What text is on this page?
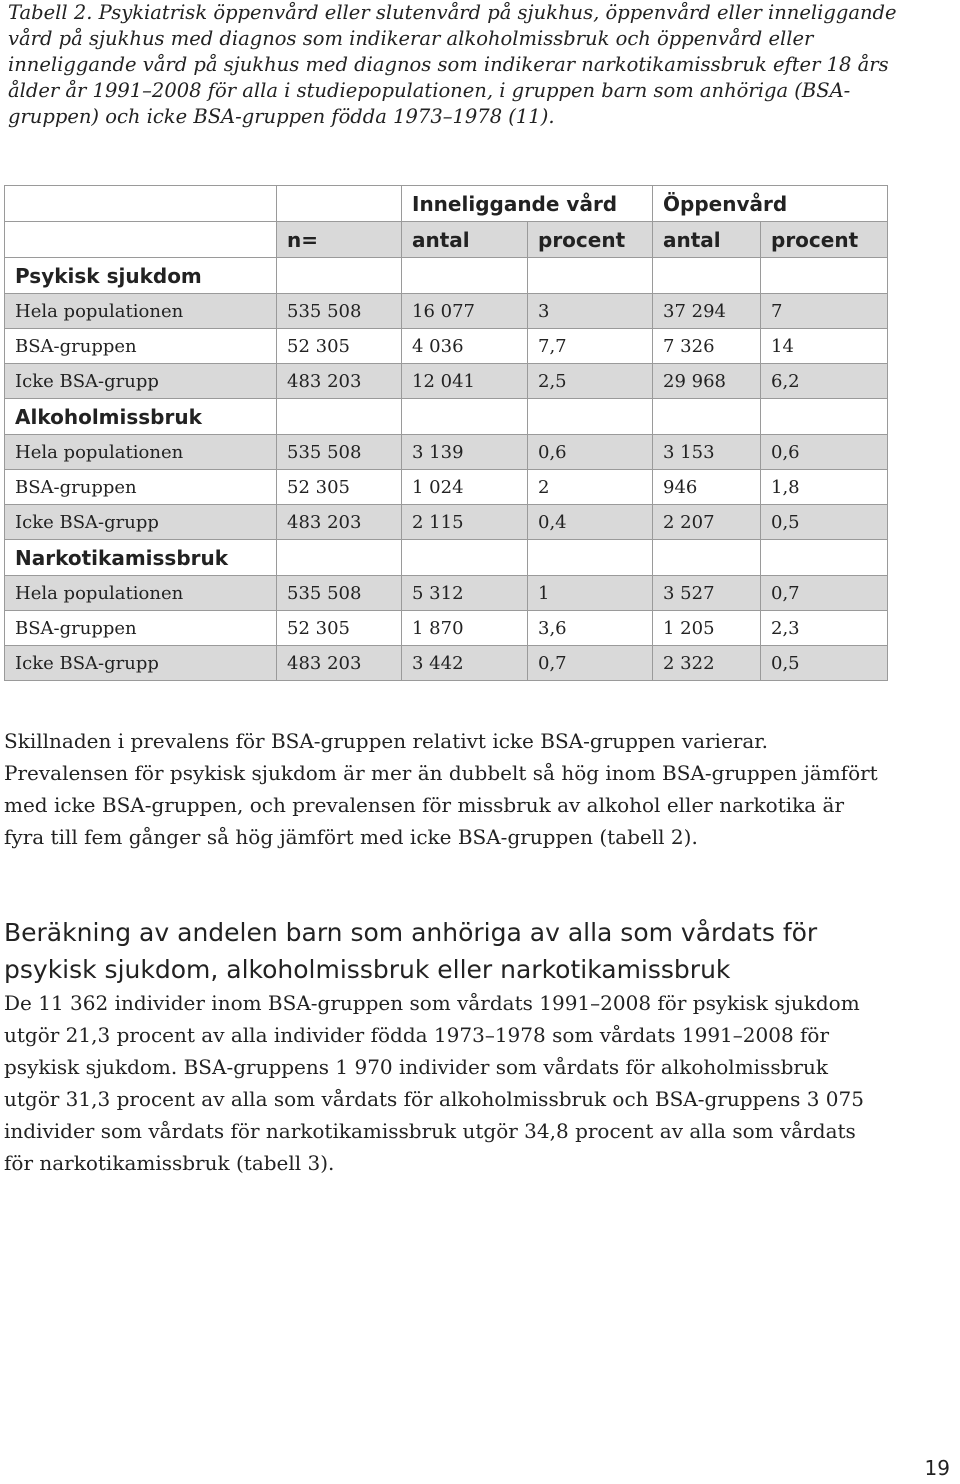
Tabell 2. Psykiatrisk öppenvård eller slutenvård på sjukhus, öppenvård eller inneliggande vård på sjukhus med diagnos som indikerar alkoholmissbruk och öppenvård eller inneliggande vård på sjukhus med diagnos som indikerar narkotikamissbruk efter 18 års ålder år 1991–2008 för alla i studiepopulationen, i gruppen barn som anhöriga (BSA-gruppen) och icke BSA-gruppen födda 1973–1978 (11).
		Inneliggande vård		Öppenvård	
	n=	antal	procent	antal	procent
Psykisk sjukdom					
Hela populationen	535 508	16 077	3	37 294	7
BSA-gruppen	52 305	4 036	7,7	7 326	14
Icke BSA-grupp	483 203	12 041	2,5	29 968	6,2
Alkoholmissbruk					
Hela populationen	535 508	3 139	0,6	3 153	0,6
BSA-gruppen	52 305	1 024	2	946	1,8
Icke BSA-grupp	483 203	2 115	0,4	2 207	0,5
Narkotikamissbruk					
Hela populationen	535 508	5 312	1	3 527	0,7
BSA-gruppen	52 305	1 870	3,6	1 205	2,3
Icke BSA-grupp	483 203	3 442	0,7	2 322	0,5
Skillnaden i prevalens för BSA-gruppen relativt icke BSA-gruppen varierar. Prevalensen för psykisk sjukdom är mer än dubbelt så hög inom BSA-gruppen jämfört med icke BSA-gruppen, och prevalensen för missbruk av alkohol eller narkotika är fyra till fem gånger så hög jämfört med icke BSA-gruppen (tabell 2).
Beräkning av andelen barn som anhöriga av alla som vårdats för psykisk sjukdom, alkoholmissbruk eller narkotikamissbruk
De 11 362 individer inom BSA-gruppen som vårdats 1991–2008 för psykisk sjukdom utgör 21,3 procent av alla individer födda 1973–1978 som vårdats 1991–2008 för psykisk sjukdom. BSA-gruppens 1 970 individer som vårdats för alkoholmissbruk utgör 31,3 procent av alla som vårdats för alkoholmissbruk och BSA-gruppens 3 075 individer som vårdats för narkotikamissbruk utgör 34,8 procent av alla som vårdats för narkotikamissbruk (tabell 3).
19
